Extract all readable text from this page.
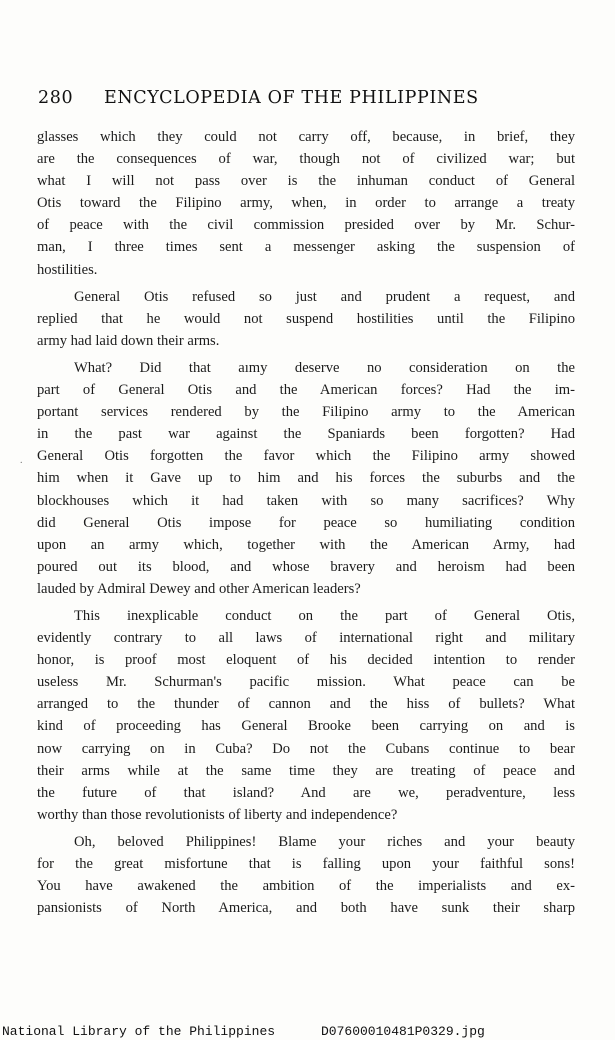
280 ENCYCLOPEDIA OF THE PHILIPPINES
.
glasses which they could not carry off, because, in brief, they
are the consequences of war, though not of civilized war; but
what I will not pass over is the inhuman conduct of General
Otis toward the Filipino army, when, in order to arrange a treaty
of peace with the civil commission presided over by Mr. Schur-
man, I three times sent a messenger asking the suspension of
hostilities.
General Otis refused so just and prudent a request, and
replied that he would not suspend hostilities until the Filipino
army had laid down their arms.
What? Did that aımy deserve no consideration on the
part of General Otis and the American forces? Had the im-
portant services rendered by the Filipino army to the American
in the past war against the Spaniards been forgotten? Had
General Otis forgotten the favor which the Filipino army showed
him when it Gave up to him and his forces the suburbs and the
blockhouses which it had taken with so many sacrifices? Why
did General Otis impose for peace so humiliating condition
upon an army which, together with the American Army, had
poured out its blood, and whose bravery and heroism had been
lauded by Admiral Dewey and other American leaders?
This inexplicable conduct on the part of General Otis,
evidently contrary to all laws of international right and military
honor, is proof most eloquent of his decided intention to render
useless Mr. Schurman's pacific mission. What peace can be
arranged to the thunder of cannon and the hiss of bullets? What
kind of proceeding has General Brooke been carrying on and is
now carrying on in Cuba? Do not the Cubans continue to bear
their arms while at the same time they are treating of peace and
the future of that island? And are we, peradventure, less
worthy than those revolutionists of liberty and independence?
Oh, beloved Philippines! Blame your riches and your beauty
for the great misfortune that is falling upon your faithful sons!
You have awakened the ambition of the imperialists and ex-
pansionists of North America, and both have sunk their sharp
National Library of the Philippines	D07600010481P0329.jpg
